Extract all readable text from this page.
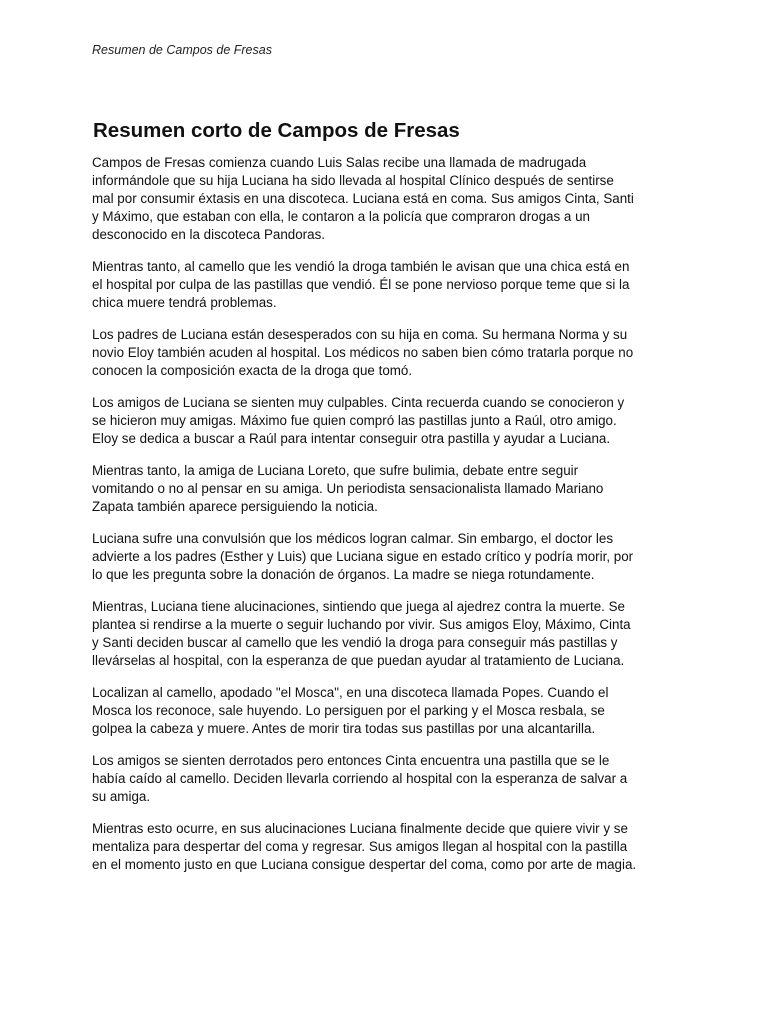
Resumen de Campos de Fresas
Resumen corto de Campos de Fresas

Campos de Fresas comienza cuando Luis Salas recibe una llamada de madrugada
informándole que su hija Luciana ha sido llevada al hospital Clínico después de sentirse
mal por consumir éxtasis en una discoteca. Luciana está en coma. Sus amigos Cinta, Santi
y Máximo, que estaban con ella, le contaron a la policía que compraron drogas a un
desconocido en la discoteca Pandoras.

Mientras tanto, al camello que les vendió la droga también le avisan que una chica está en
el hospital por culpa de las pastillas que vendió. Él se pone nervioso porque teme que si la
chica muere tendrá problemas.

Los padres de Luciana están desesperados con su hija en coma. Su hermana Norma y su
novio Eloy también acuden al hospital. Los médicos no saben bien cómo tratarla porque no
conocen la composición exacta de la droga que tomó.

Los amigos de Luciana se sienten muy culpables. Cinta recuerda cuando se conocieron y
se hicieron muy amigas. Máximo fue quien compró las pastillas junto a Raúl, otro amigo.
Eloy se dedica a buscar a Raúl para intentar conseguir otra pastilla y ayudar a Luciana.

Mientras tanto, la amiga de Luciana Loreto, que sufre bulimia, debate entre seguir
vomitando o no al pensar en su amiga. Un periodista sensacionalista llamado Mariano
Zapata también aparece persiguiendo la noticia.

Luciana sufre una convulsión que los médicos logran calmar. Sin embargo, el doctor les
advierte a los padres (Esther y Luis) que Luciana sigue en estado crítico y podría morir, por
lo que les pregunta sobre la donación de órganos. La madre se niega rotundamente.

Mientras, Luciana tiene alucinaciones, sintiendo que juega al ajedrez contra la muerte. Se
plantea si rendirse a la muerte o seguir luchando por vivir. Sus amigos Eloy, Máximo, Cinta
y Santi deciden buscar al camello que les vendió la droga para conseguir más pastillas y
llevárselas al hospital, con la esperanza de que puedan ayudar al tratamiento de Luciana.

Localizan al camello, apodado "el Mosca", en una discoteca llamada Popes. Cuando el
Mosca los reconoce, sale huyendo. Lo persiguen por el parking y el Mosca resbala, se
golpea la cabeza y muere. Antes de morir tira todas sus pastillas por una alcantarilla.

Los amigos se sienten derrotados pero entonces Cinta encuentra una pastilla que se le
había caído al camello. Deciden llevarla corriendo al hospital con la esperanza de salvar a
su amiga.

Mientras esto ocurre, en sus alucinaciones Luciana finalmente decide que quiere vivir y se
mentaliza para despertar del coma y regresar. Sus amigos llegan al hospital con la pastilla
en el momento justo en que Luciana consigue despertar del coma, como por arte de magia.
